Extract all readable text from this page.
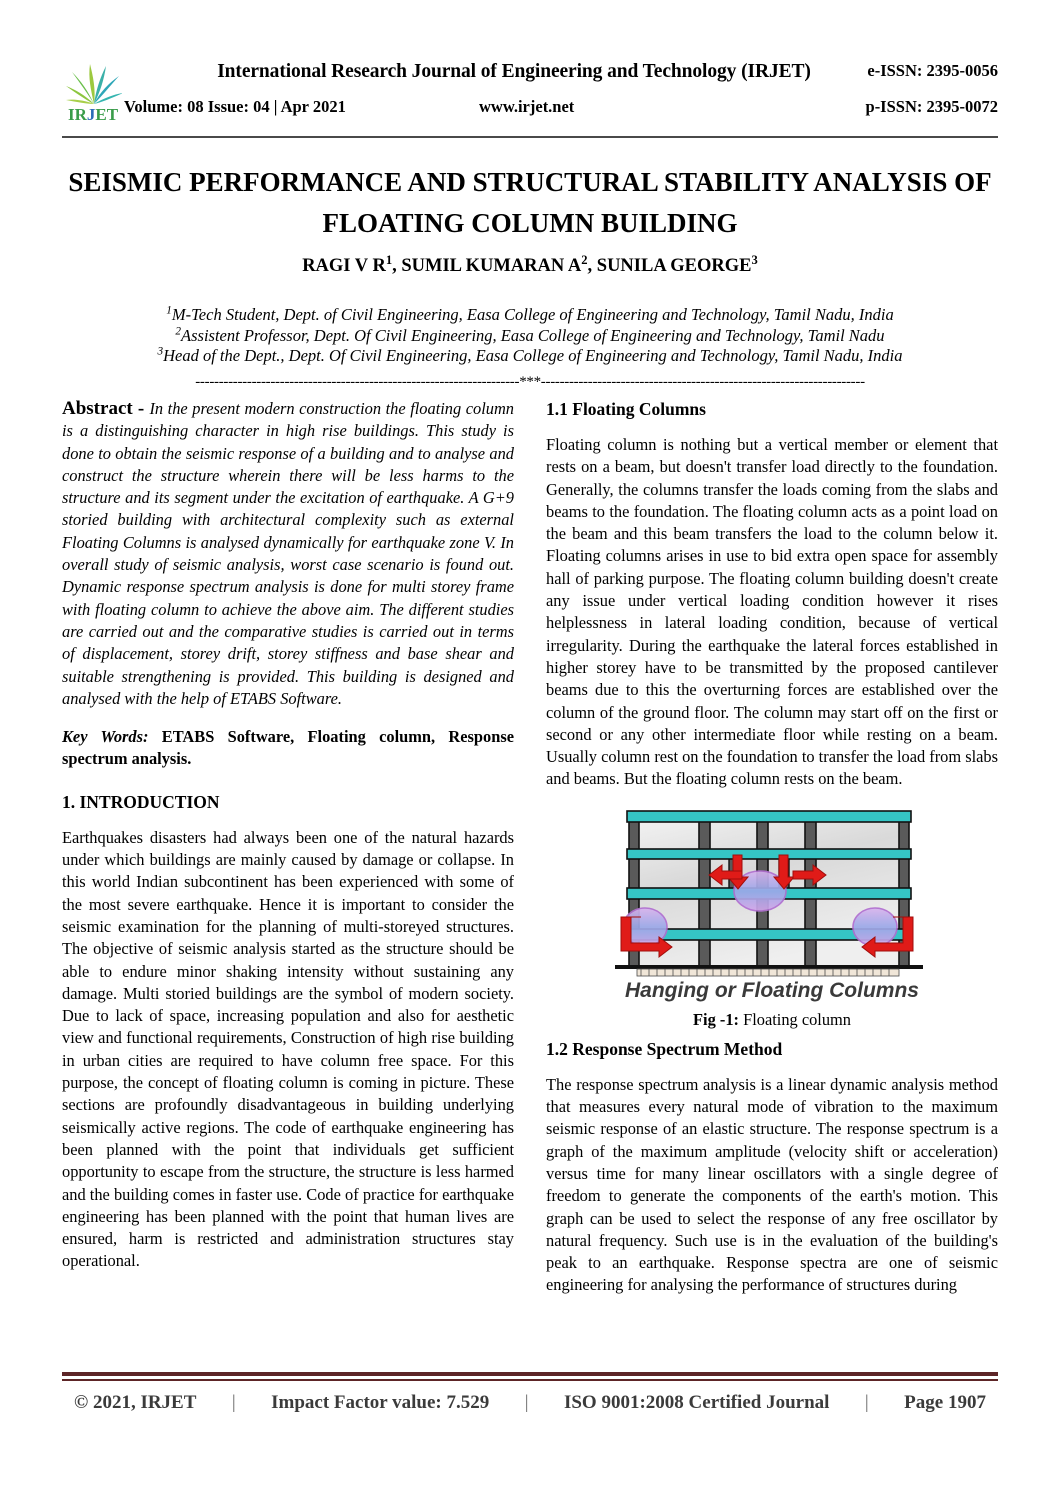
IRJET
International Research Journal of Engineering and Technology (IRJET)
Volume: 08 Issue: 04 | Apr 2021	www.irjet.net
e-ISSN: 2395-0056
p-ISSN: 2395-0072
SEISMIC PERFORMANCE AND STRUCTURAL STABILITY ANALYSIS OF FLOATING COLUMN BUILDING
RAGI V $R^1$, SUMIL KUMARAN $A^2$, SUNILA GEORGE$^3$
$^1$M-Tech Student, Dept. of Civil Engineering, Easa College of Engineering and Technology, Tamil Nadu, India
$^2$Assistent Professor, Dept. Of Civil Engineering, Easa College of Engineering and Technology, Tamil Nadu
$^3$Head of the Dept., Dept. Of Civil Engineering, Easa College of Engineering and Technology, Tamil Nadu, India
---------------------------------------------------------------------***---------------------------------------------------------------------

Abstract - In the present modern construction the floating column is a distinguishing character in high rise buildings. This study is done to obtain the seismic response of a building and to analyse and construct the structure wherein there will be less harms to the structure and its segment under the excitation of earthquake. A G+9 storied building with architectural complexity such as external Floating Columns is analysed dynamically for earthquake zone V. In overall study of seismic analysis, worst case scenario is found out. Dynamic response spectrum analysis is done for multi storey frame with floating column to achieve the above aim. The different studies are carried out and the comparative studies is carried out in terms of displacement, storey drift, storey stiffness and base shear and suitable strengthening is provided. This building is designed and analysed with the help of ETABS Software.

Key Words: ETABS Software, Floating column, Response spectrum analysis.

1. INTRODUCTION

Earthquakes disasters had always been one of the natural hazards under which buildings are mainly caused by damage or collapse. In this world Indian subcontinent has been experienced with some of the most severe earthquake. Hence it is important to consider the seismic examination for the planning of multi-storeyed structures. The objective of seismic analysis started as the structure should be able to endure minor shaking intensity without sustaining any damage. Multi storied buildings are the symbol of modern society. Due to lack of space, increasing population and also for aesthetic view and functional requirements, Construction of high rise building in urban cities are required to have column free space. For this purpose, the concept of floating column is coming in picture. These sections are profoundly disadvantageous in building underlying seismically active regions. The code of earthquake engineering has been planned with the point that individuals get sufficient opportunity to escape from the structure, the structure is less harmed and the building comes in faster use. Code of practice for earthquake engineering has been planned with the point that human lives are ensured, harm is restricted and administration structures stay operational.

1.1 Floating Columns

Floating column is nothing but a vertical member or element that rests on a beam, but doesn't transfer load directly to the foundation. Generally, the columns transfer the loads coming from the slabs and beams to the foundation. The floating column acts as a point load on the beam and this beam transfers the load to the column below it. Floating columns arises in use to bid extra open space for assembly hall of parking purpose. The floating column building doesn't create any issue under vertical loading condition however it rises helplessness in lateral loading condition, because of vertical irregularity. During the earthquake the lateral forces established in higher storey have to be transmitted by the proposed cantilever beams due to this the overturning forces are established over the column of the ground floor. The column may start off on the first or second or any other intermediate floor while resting on a beam. Usually column rest on the foundation to transfer the load from slabs and beams. But the floating column rests on the beam.

Hanging or Floating Columns
Fig -1: Floating column

1.2 Response Spectrum Method

The response spectrum analysis is a linear dynamic analysis method that measures every natural mode of vibration to the maximum seismic response of an elastic structure. The response spectrum is a graph of the maximum amplitude (velocity shift or acceleration) versus time for many linear oscillators with a single degree of freedom to generate the components of the earth's motion. This graph can be used to select the response of any free oscillator by natural frequency. Such use is in the evaluation of the building's peak to an earthquake. Response spectra are one of seismic engineering for analysing the performance of structures during

© 2021, IRJET | Impact Factor value: 7.529 | ISO 9001:2008 Certified Journal | Page 1907
